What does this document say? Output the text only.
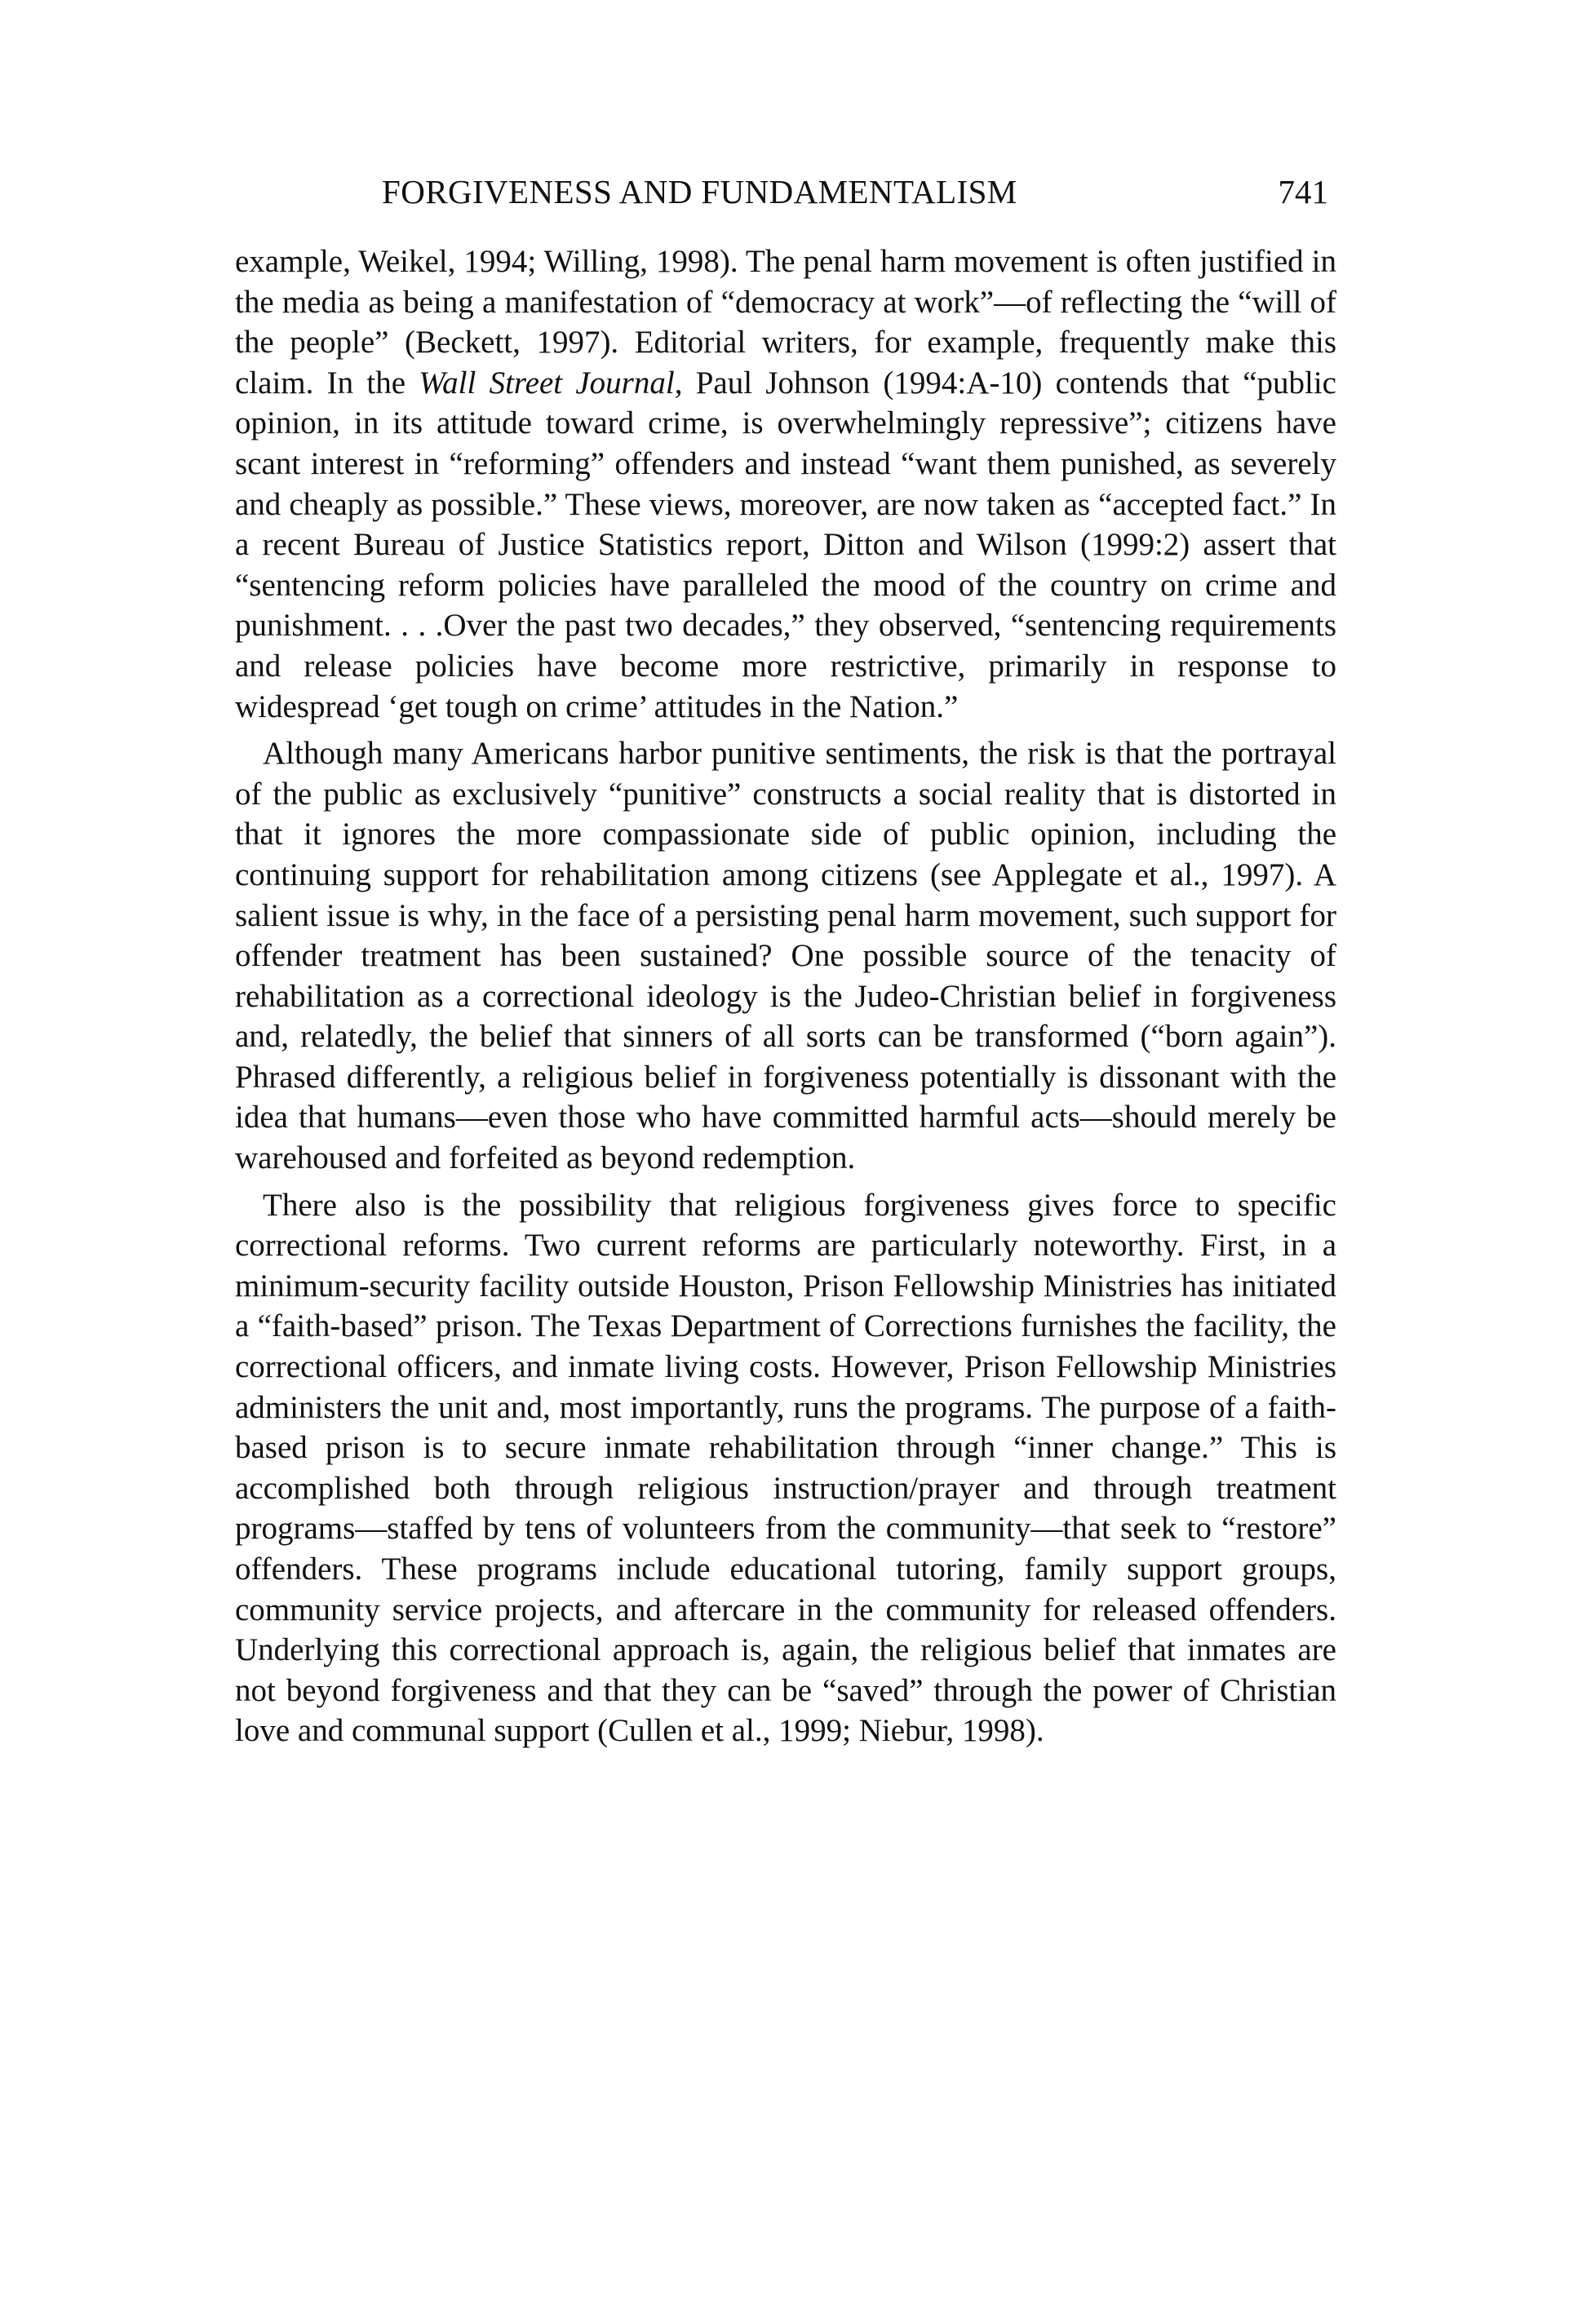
FORGIVENESS AND FUNDAMENTALISM	741

example, Weikel, 1994; Willing, 1998). The penal harm movement is often justified in the media as being a manifestation of “democracy at work”—of reflecting the “will of the people” (Beckett, 1997). Editorial writers, for example, frequently make this claim. In the Wall Street Journal, Paul Johnson (1994:A-10) contends that “public opinion, in its attitude toward crime, is overwhelmingly repressive”; citizens have scant interest in “reforming” offenders and instead “want them punished, as severely and cheaply as possible.” These views, moreover, are now taken as “accepted fact.” In a recent Bureau of Justice Statistics report, Ditton and Wilson (1999:2) assert that “sentencing reform policies have paralleled the mood of the country on crime and punishment. . . .Over the past two decades,” they observed, “sentencing requirements and release policies have become more restrictive, primarily in response to widespread ‘get tough on crime’ attitudes in the Nation.”

Although many Americans harbor punitive sentiments, the risk is that the portrayal of the public as exclusively “punitive” constructs a social reality that is distorted in that it ignores the more compassionate side of public opinion, including the continuing support for rehabilitation among citizens (see Applegate et al., 1997). A salient issue is why, in the face of a persisting penal harm movement, such support for offender treatment has been sustained? One possible source of the tenacity of rehabilitation as a correctional ideology is the Judeo-Christian belief in forgiveness and, relatedly, the belief that sinners of all sorts can be transformed (“born again”). Phrased differently, a religious belief in forgiveness potentially is dissonant with the idea that humans—even those who have committed harmful acts—should merely be warehoused and forfeited as beyond redemption.

There also is the possibility that religious forgiveness gives force to specific correctional reforms. Two current reforms are particularly noteworthy. First, in a minimum-security facility outside Houston, Prison Fellowship Ministries has initiated a “faith-based” prison. The Texas Department of Corrections furnishes the facility, the correctional officers, and inmate living costs. However, Prison Fellowship Ministries administers the unit and, most importantly, runs the programs. The purpose of a faith-based prison is to secure inmate rehabilitation through “inner change.” This is accomplished both through religious instruction/prayer and through treatment programs—staffed by tens of volunteers from the community—that seek to “restore” offenders. These programs include educational tutoring, family support groups, community service projects, and aftercare in the community for released offenders. Underlying this correctional approach is, again, the religious belief that inmates are not beyond forgiveness and that they can be “saved” through the power of Christian love and communal support (Cullen et al., 1999; Niebur, 1998).
